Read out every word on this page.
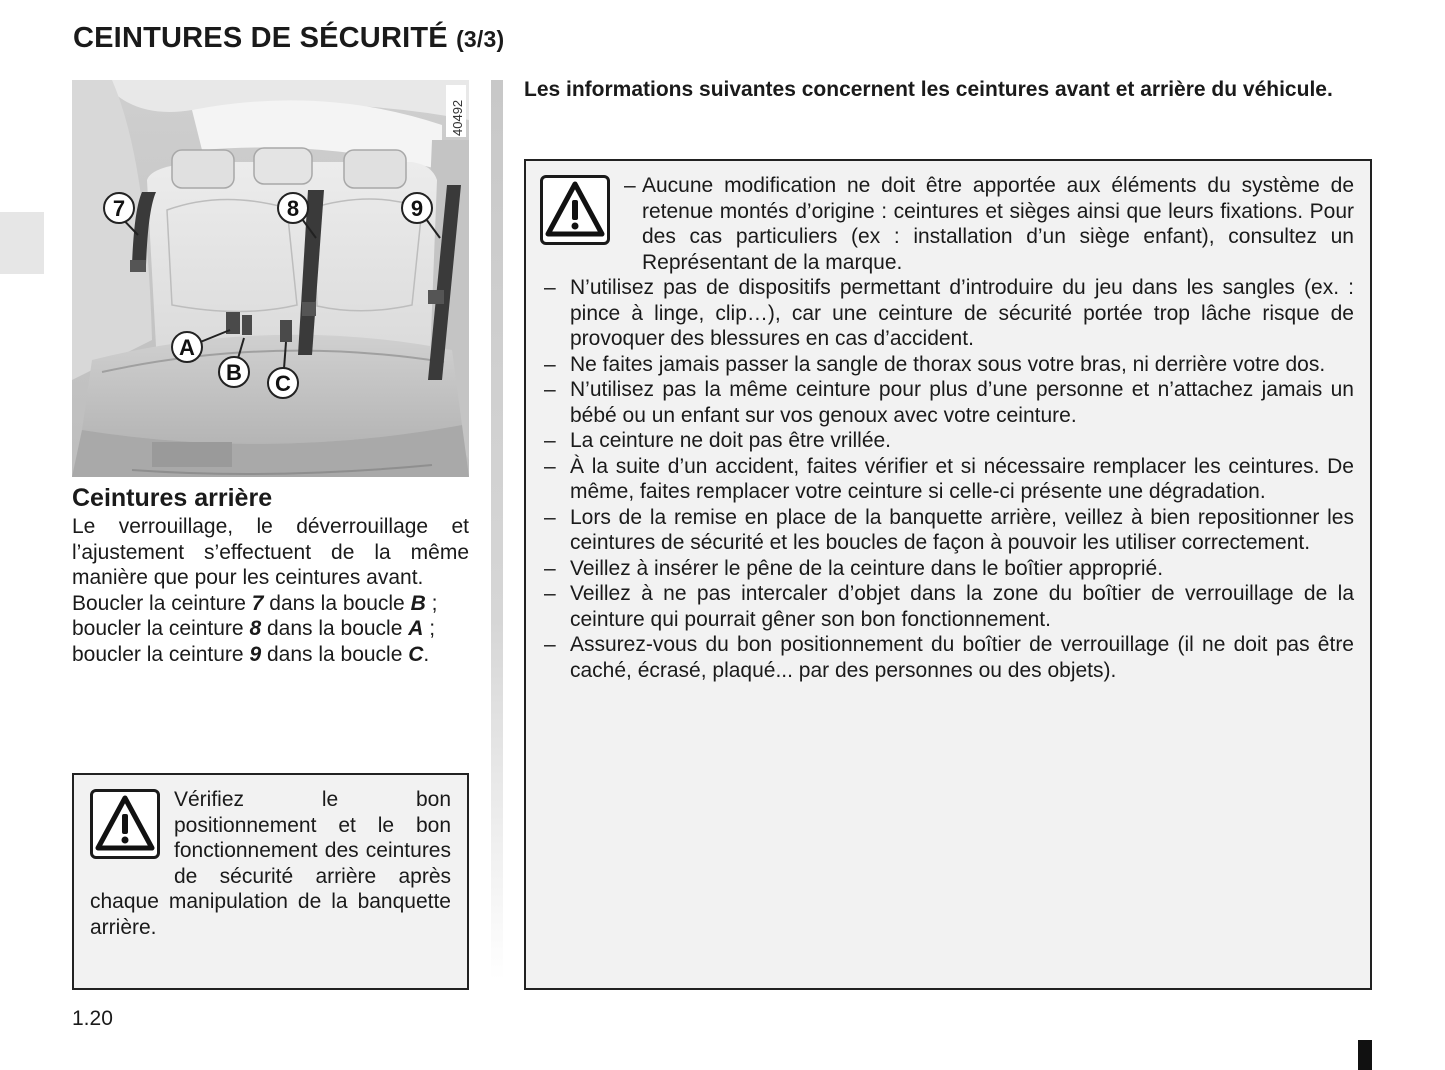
CEINTURES DE SÉCURITÉ (3/3)
40492
7	8	9
A
B C
Ceintures arrière

Le verrouillage, le déverrouillage et l’ajustement s’effectuent de la même manière que pour les ceintures avant.

Boucler la ceinture 7 dans la boucle B ;

boucler la ceinture 8 dans la boucle A ;

boucler la ceinture 9 dans la boucle C.

Vérifiez le bon positionnement et le bon fonctionnement des ceintures de sécurité arrière après chaque manipulation de la banquette arrière.

Les informations suivantes concernent les ceintures avant et arrière du véhicule.

– Aucune modification ne doit être apportée aux éléments du système de retenue montés d’origine : ceintures et sièges ainsi que leurs fixations. Pour des cas particuliers (ex : installation d’un siège enfant), consultez un Représentant de la marque.
– N’utilisez pas de dispositifs permettant d’introduire du jeu dans les sangles (ex. : pince à linge, clip…), car une ceinture de sécurité portée trop lâche risque de provoquer des blessures en cas d’accident.
– Ne faites jamais passer la sangle de thorax sous votre bras, ni derrière votre dos.
– N’utilisez pas la même ceinture pour plus d’une personne et n’attachez jamais un bébé ou un enfant sur vos genoux avec votre ceinture.
– La ceinture ne doit pas être vrillée.
– À la suite d’un accident, faites vérifier et si nécessaire remplacer les ceintures. De même, faites remplacer votre ceinture si celle-ci présente une dégradation.
– Lors de la remise en place de la banquette arrière, veillez à bien repositionner les ceintures de sécurité et les boucles de façon à pouvoir les utiliser correctement.
– Veillez à insérer le pêne de la ceinture dans le boîtier approprié.
– Veillez à ne pas intercaler d’objet dans la zone du boîtier de verrouillage de la ceinture qui pourrait gêner son bon fonctionnement.
– Assurez-vous du bon positionnement du boîtier de verrouillage (il ne doit pas être caché, écrasé, plaqué... par des personnes ou des objets).
1.20
